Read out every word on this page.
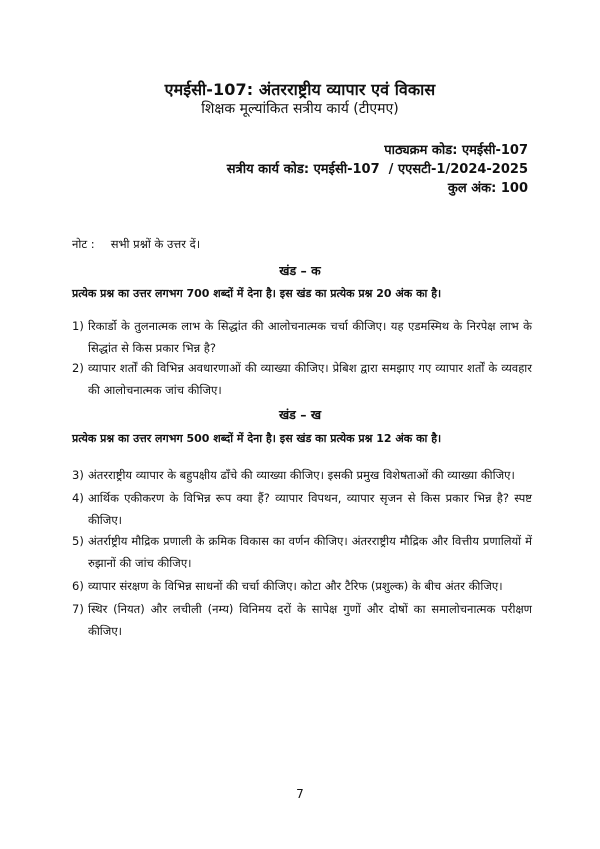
एमईसी-107: अंतरराष्ट्रीय व्यापार एवं विकास
शिक्षक मूल्यांकित सत्रीय कार्य (टीएमए)
पाठ्यक्रम कोड: एमईसी-107
सत्रीय कार्य कोड: एमईसी-107  / एएसटी-1/2024-2025
कुल अंक: 100
नोट : सभी प्रश्नों के उत्तर दें।
खंड – क
प्रत्येक प्रश्न का उत्तर लगभग 700 शब्दों में देना है। इस खंड का प्रत्येक प्रश्न 20 अंक का है।
1) रिकार्डो के तुलनात्मक लाभ के सिद्धांत की आलोचनात्मक चर्चा कीजिए। यह एडमस्मिथ के निरपेक्ष लाभ के सिद्धांत से किस प्रकार भिन्न है?
2) व्यापार शर्तों की विभिन्न अवधारणाओं की व्याख्या कीजिए। प्रेबिश द्वारा समझाए गए व्यापार शर्तों के व्यवहार की आलोचनात्मक जांच कीजिए।
खंड – ख
प्रत्येक प्रश्न का उत्तर लगभग 500 शब्दों में देना है। इस खंड का प्रत्येक प्रश्न 12 अंक का है।
3) अंतरराष्ट्रीय व्यापार के बहुपक्षीय ढाँचे की व्याख्या कीजिए। इसकी प्रमुख विशेषताओं की व्याख्या कीजिए।
4) आर्थिक एकीकरण के विभिन्न रूप क्या हैं? व्यापार विपथन, व्यापार सृजन से किस प्रकार भिन्न है? स्पष्ट कीजिए।
5) अंतर्राष्ट्रीय मौद्रिक प्रणाली के क्रमिक विकास का वर्णन कीजिए। अंतरराष्ट्रीय मौद्रिक और वित्तीय प्रणालियों में रुझानों की जांच कीजिए।
6) व्यापार संरक्षण के विभिन्न साधनों की चर्चा कीजिए। कोटा और टैरिफ (प्रशुल्क) के बीच अंतर कीजिए।
7) स्थिर (नियत) और लचीली (नम्य) विनिमय दरों के सापेक्ष गुणों और दोषों का समालोचनात्मक परीक्षण कीजिए।
7
